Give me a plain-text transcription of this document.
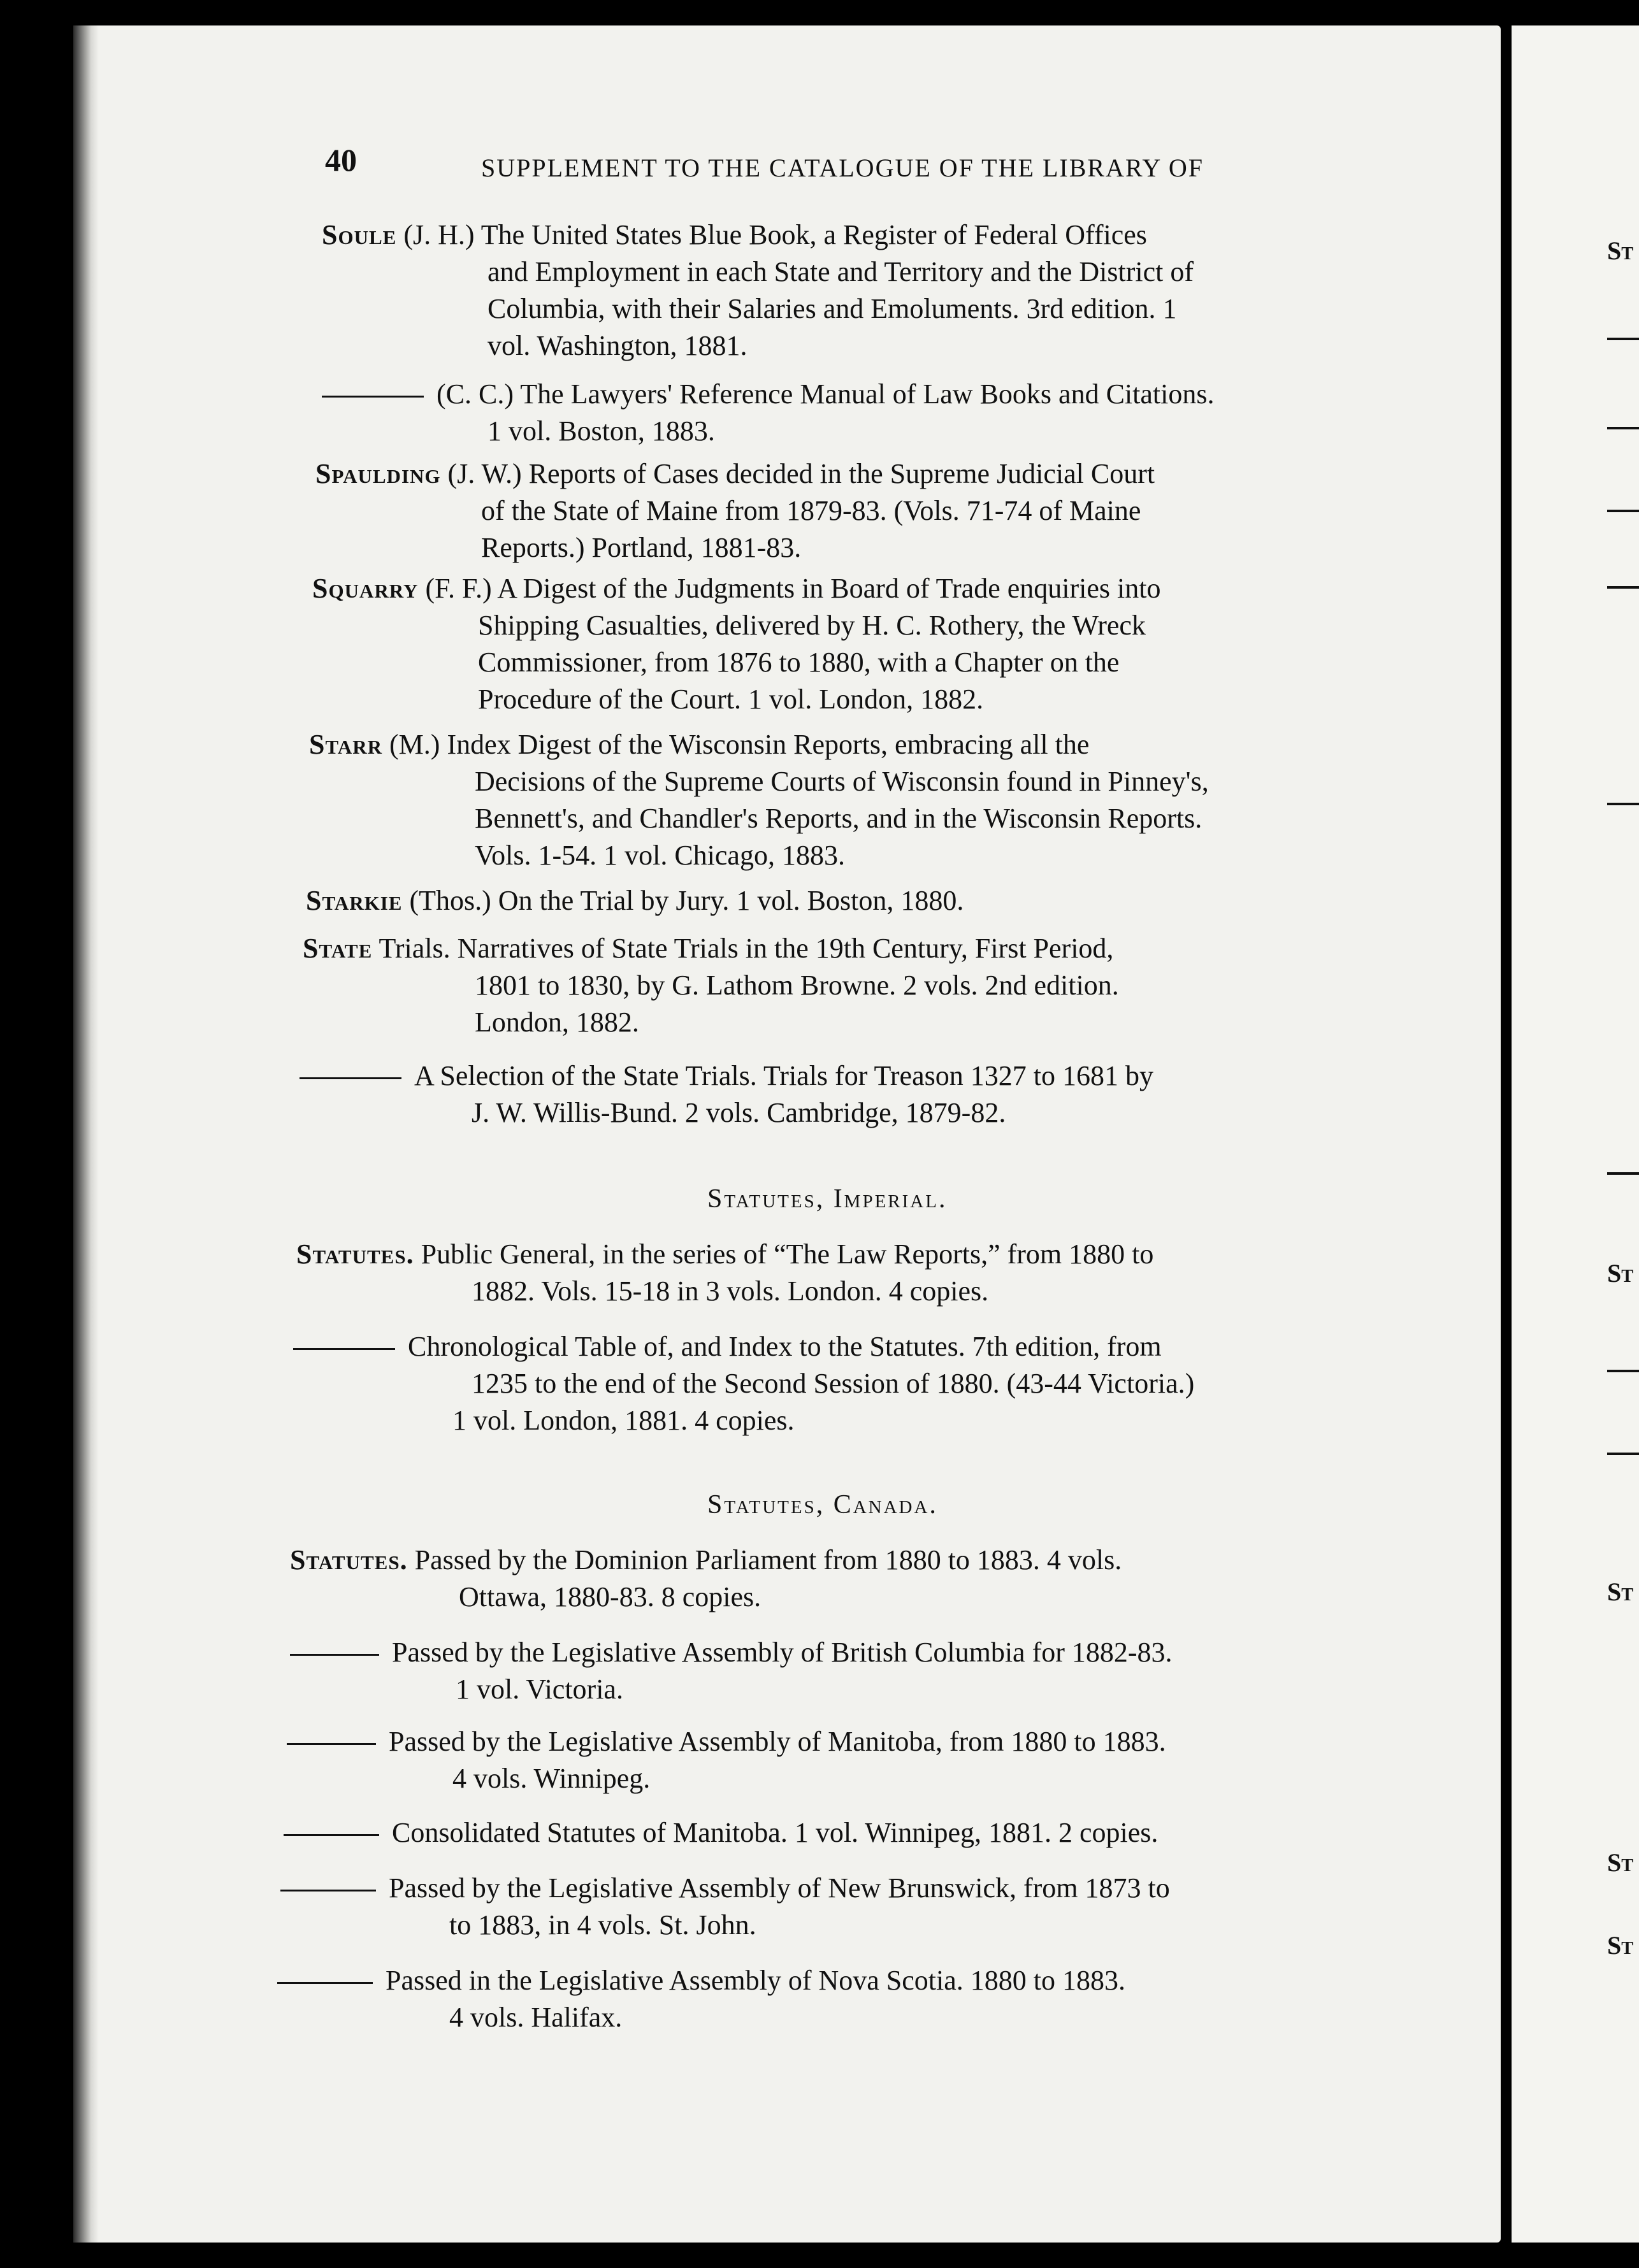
St
St
St
St
St
40	SUPPLEMENT TO THE CATALOGUE OF THE LIBRARY OF
Soule (J. H.) The United States Blue Book, a Register of Federal Offices
and Employment in each State and Territory and the District of
Columbia, with their Salaries and Emoluments. 3rd edition. 1
vol. Washington, 1881.
(C. C.) The Lawyers' Reference Manual of Law Books and Citations.
1 vol. Boston, 1883.
Spaulding (J. W.) Reports of Cases decided in the Supreme Judicial Court
of the State of Maine from 1879-83. (Vols. 71-74 of Maine
Reports.) Portland, 1881-83.
Squarry (F. F.) A Digest of the Judgments in Board of Trade enquiries into
Shipping Casualties, delivered by H. C. Rothery, the Wreck
Commissioner, from 1876 to 1880, with a Chapter on the
Procedure of the Court. 1 vol. London, 1882.
Starr (M.) Index Digest of the Wisconsin Reports, embracing all the
Decisions of the Supreme Courts of Wisconsin found in Pinney's,
Bennett's, and Chandler's Reports, and in the Wisconsin Reports.
Vols. 1-54. 1 vol. Chicago, 1883.
Starkie (Thos.) On the Trial by Jury. 1 vol. Boston, 1880.
State Trials. Narratives of State Trials in the 19th Century, First Period,
1801 to 1830, by G. Lathom Browne. 2 vols. 2nd edition.
London, 1882.
A Selection of the State Trials. Trials for Treason 1327 to 1681 by
J. W. Willis-Bund. 2 vols. Cambridge, 1879-82.
Statutes, Imperial.
Statutes. Public General, in the series of “The Law Reports,” from 1880 to
1882. Vols. 15-18 in 3 vols. London. 4 copies.
Chronological Table of, and Index to the Statutes. 7th edition, from
1235 to the end of the Second Session of 1880. (43-44 Victoria.)
1 vol. London, 1881. 4 copies.
Statutes, Canada.
Statutes. Passed by the Dominion Parliament from 1880 to 1883. 4 vols.
Ottawa, 1880-83. 8 copies.
Passed by the Legislative Assembly of British Columbia for 1882-83.
1 vol. Victoria.
Passed by the Legislative Assembly of Manitoba, from 1880 to 1883.
4 vols. Winnipeg.
Consolidated Statutes of Manitoba. 1 vol. Winnipeg, 1881. 2 copies.
Passed by the Legislative Assembly of New Brunswick, from 1873 to
to 1883, in 4 vols. St. John.
Passed in the Legislative Assembly of Nova Scotia. 1880 to 1883.
4 vols. Halifax.
